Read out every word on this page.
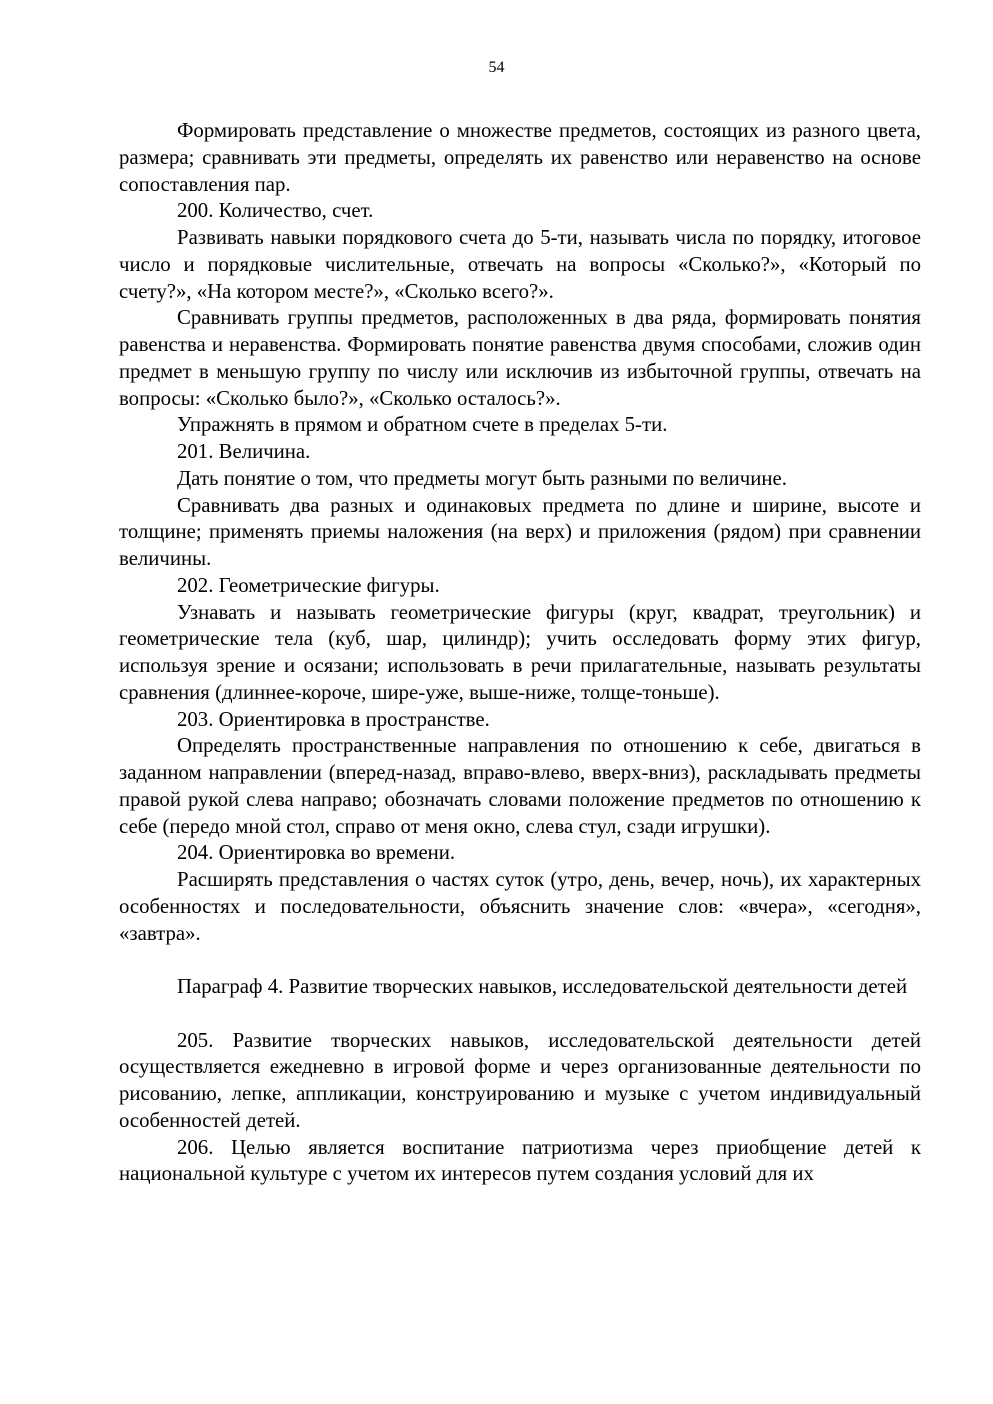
54

Формировать представление о множестве предметов, состоящих из разного цвета, размера; сравнивать эти предметы, определять их равенство или неравенство на основе сопоставления пар.

200. Количество, счет.

Развивать навыки порядкового счета до 5-ти, называть числа по порядку, итоговое число и порядковые числительные, отвечать на вопросы «Сколько?», «Который по счету?», «На котором месте?», «Сколько всего?».

Сравнивать группы предметов, расположенных в два ряда, формировать понятия равенства и неравенства. Формировать понятие равенства двумя способами, сложив один предмет в меньшую группу по числу или исключив из избыточной группы, отвечать на вопросы: «Сколько было?», «Сколько осталось?».

Упражнять в прямом и обратном счете в пределах 5-ти.

201. Величина.

Дать понятие о том, что предметы могут быть разными по величине.

Сравнивать два разных и одинаковых предмета по длине и ширине, высоте и толщине; применять приемы наложения (на верх) и приложения (рядом) при сравнении величины.

202. Геометрические фигуры.

Узнавать и называть геометрические фигуры (круг, квадрат, треугольник) и геометрические тела (куб, шар, цилиндр); учить осследовать форму этих фигур, используя зрение и осязани; использовать в речи прилагательные, называть результаты сравнения (длиннее-короче, шире-уже, выше-ниже, толще-тоньше).

203. Ориентировка в пространстве.

Определять пространственные направления по отношению к себе, двигаться в заданном направлении (вперед-назад, вправо-влево, вверх-вниз), раскладывать предметы правой рукой слева направо; обозначать словами положение предметов по отношению к себе (передо мной стол, справо от меня окно, слева стул, сзади игрушки).

204. Ориентировка во времени.

Расширять представления о частях суток (утро, день, вечер, ночь), их характерных особенностях и последовательности, объяснить значение слов: «вчера», «сегодня», «завтра».

Параграф 4. Развитие творческих навыков, исследовательской деятельности детей

205. Развитие творческих навыков, исследовательской деятельности детей осуществляется ежедневно в игровой форме и через организованные деятельности по рисованию, лепке, аппликации, конструированию и музыке с учетом индивидуальный особенностей детей.

206. Целью является воспитание патриотизма через приобщение детей к национальной культуре с учетом их интересов путем создания условий для их
